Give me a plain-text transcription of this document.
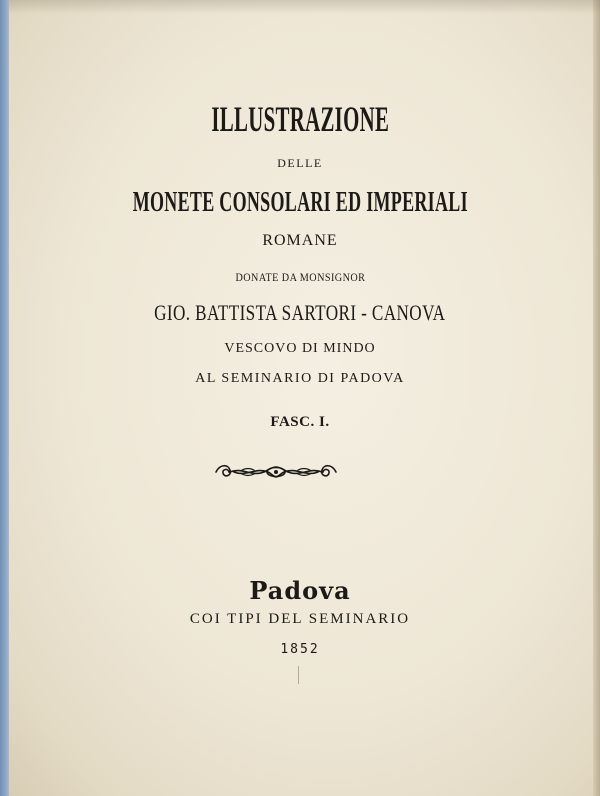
ILLUSTRAZIONE
DELLE
MONETE CONSOLARI ED IMPERIALI
ROMANE
DONATE DA MONSIGNOR
GIO. BATTISTA SARTORI - CANOVA
VESCOVO DI MINDO
AL SEMINARIO DI PADOVA
FASC. I.
Padova
COI TIPI DEL SEMINARIO
1852
